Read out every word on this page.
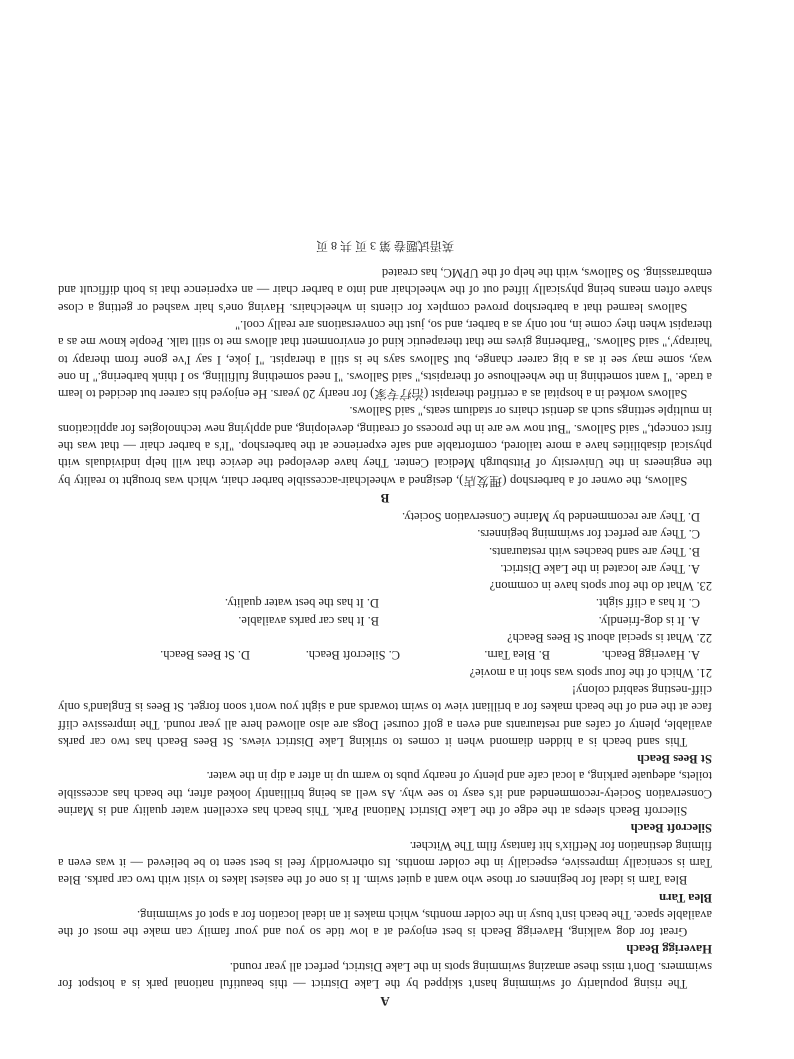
A

The rising popularity of swimming hasn't skipped by the Lake District — this beautiful national park is a hotspot for swimmers. Don't miss these amazing swimming spots in the Lake District, perfect all year round.

Haverigg Beach

Great for dog walking, Haverigg Beach is best enjoyed at a low tide so you and your family can make the most of the available space. The beach isn't busy in the colder months, which makes it an ideal location for a spot of swimming.

Blea Tarn

Blea Tarn is ideal for beginners or those who want a quiet swim. It is one of the easiest lakes to visit with two car parks. Blea Tarn is scenically impressive, especially in the colder months. Its otherworldly feel is best seen to be believed — it was even a filming destination for Netflix's hit fantasy film The Witcher.

Silecroft Beach

Silecroft Beach sleeps at the edge of the Lake District National Park. This beach has excellent water quality and is Marine Conservation Society-recommended and it's easy to see why. As well as being brilliantly looked after, the beach has accessible toilets, adequate parking, a local cafe and plenty of nearby pubs to warm up in after a dip in the water.

St Bees Beach

This sand beach is a hidden diamond when it comes to striking Lake District views. St Bees Beach has two car parks available, plenty of cafes and restaurants and even a golf course! Dogs are also allowed here all year round. The impressive cliff face at the end of the beach makes for a brilliant view to swim towards and a sight you won't soon forget. St Bees is England's only cliff-nesting seabird colony!

21. Which of the four spots was shot in a movie?

A. Haverigg Beach.
B. Blea Tarn.
C. Silecroft Beach.
D. St Bees Beach.

22. What is special about St Bees Beach?

A. It is dog-friendly.
B. It has car parks available.
C. It has a cliff sight.
D. It has the best water quality.

23. What do the four spots have in common?

A. They are located in the Lake District.

B. They are sand beaches with restaurants.

C. They are perfect for swimming beginners.

D. They are recommended by Marine Conservation Society.

B

Sallows, the owner of a barbershop (理发店), designed a wheelchair-accessible barber chair, which was brought to reality by the engineers in the University of Pittsburgh Medical Center. They have developed the device that will help individuals with physical disabilities have a more tailored, comfortable and safe experience at the barbershop. "It's a barber chair — that was the first concept," said Sallows. "But now we are in the process of creating, developing, and applying new technologies for applications in multiple settings such as dentist chairs or stadium seats," said Sallows.

Sallows worked in a hospital as a certified therapist (治疗专家) for nearly 20 years. He enjoyed his career but decided to learn a trade. "I want something in the wheelhouse of therapists," said Sallows. "I need something fulfilling, so I think barbering." In one way, some may see it as a big career change, but Sallows says he is still a therapist. "I joke, I say I've gone from therapy to 'hairapy'," said Sallows. "Barbering gives me that therapeutic kind of environment that allows me to still talk. People know me as a therapist when they come in, not only as a barber, and so, just the conversations are really cool."

Sallows learned that a barbershop proved complex for clients in wheelchairs. Having one's hair washed or getting a close shave often means being physically lifted out of the wheelchair and into a barber chair — an experience that is both difficult and embarrassing. So Sallows, with the help of the UPMC, has created

英语试题卷 第 3 页 共 8 页
